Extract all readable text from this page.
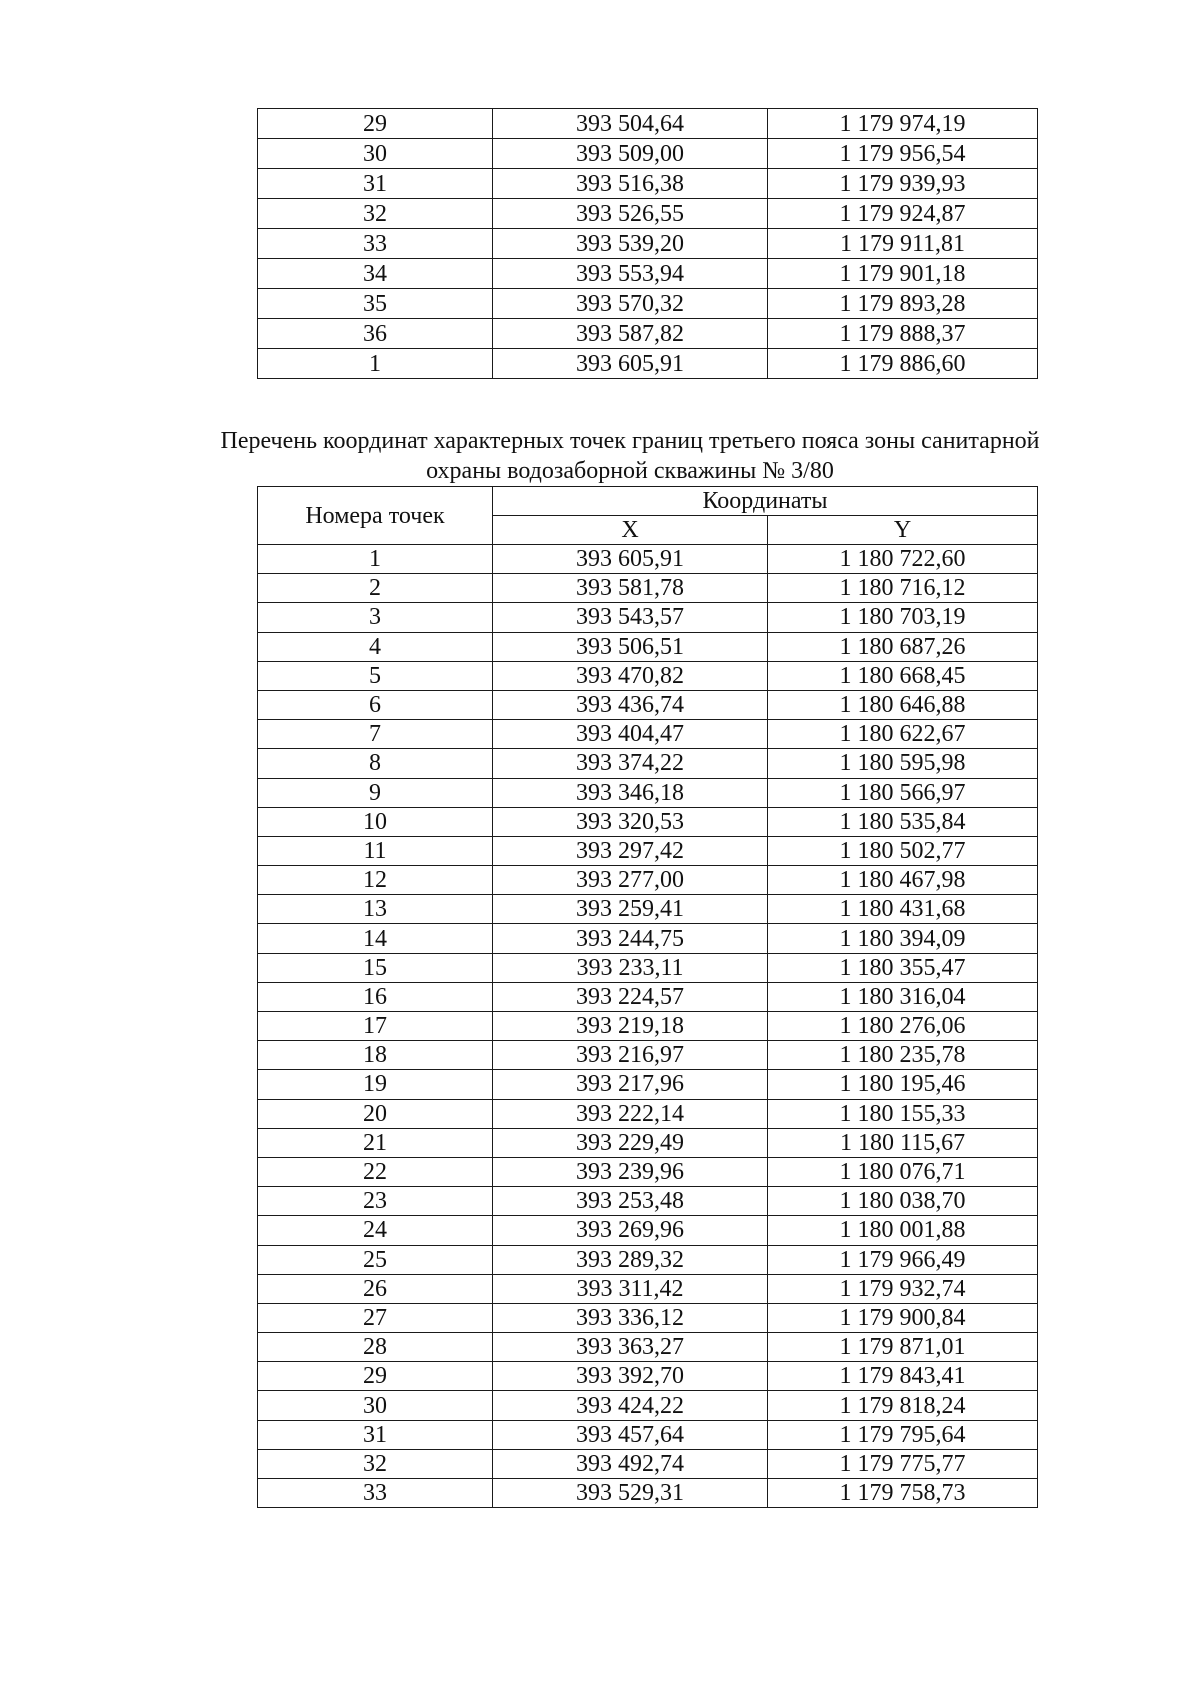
29	393 504,64	1 179 974,19
30	393 509,00	1 179 956,54
31	393 516,38	1 179 939,93
32	393 526,55	1 179 924,87
33	393 539,20	1 179 911,81
34	393 553,94	1 179 901,18
35	393 570,32	1 179 893,28
36	393 587,82	1 179 888,37
1	393 605,91	1 179 886,60
Перечень координат характерных точек границ третьего пояса зоны санитарной
охраны водозаборной скважины № 3/80
Номера точек	Координаты	
	X	Y
1	393 605,91	1 180 722,60
2	393 581,78	1 180 716,12
3	393 543,57	1 180 703,19
4	393 506,51	1 180 687,26
5	393 470,82	1 180 668,45
6	393 436,74	1 180 646,88
7	393 404,47	1 180 622,67
8	393 374,22	1 180 595,98
9	393 346,18	1 180 566,97
10	393 320,53	1 180 535,84
11	393 297,42	1 180 502,77
12	393 277,00	1 180 467,98
13	393 259,41	1 180 431,68
14	393 244,75	1 180 394,09
15	393 233,11	1 180 355,47
16	393 224,57	1 180 316,04
17	393 219,18	1 180 276,06
18	393 216,97	1 180 235,78
19	393 217,96	1 180 195,46
20	393 222,14	1 180 155,33
21	393 229,49	1 180 115,67
22	393 239,96	1 180 076,71
23	393 253,48	1 180 038,70
24	393 269,96	1 180 001,88
25	393 289,32	1 179 966,49
26	393 311,42	1 179 932,74
27	393 336,12	1 179 900,84
28	393 363,27	1 179 871,01
29	393 392,70	1 179 843,41
30	393 424,22	1 179 818,24
31	393 457,64	1 179 795,64
32	393 492,74	1 179 775,77
33	393 529,31	1 179 758,73
